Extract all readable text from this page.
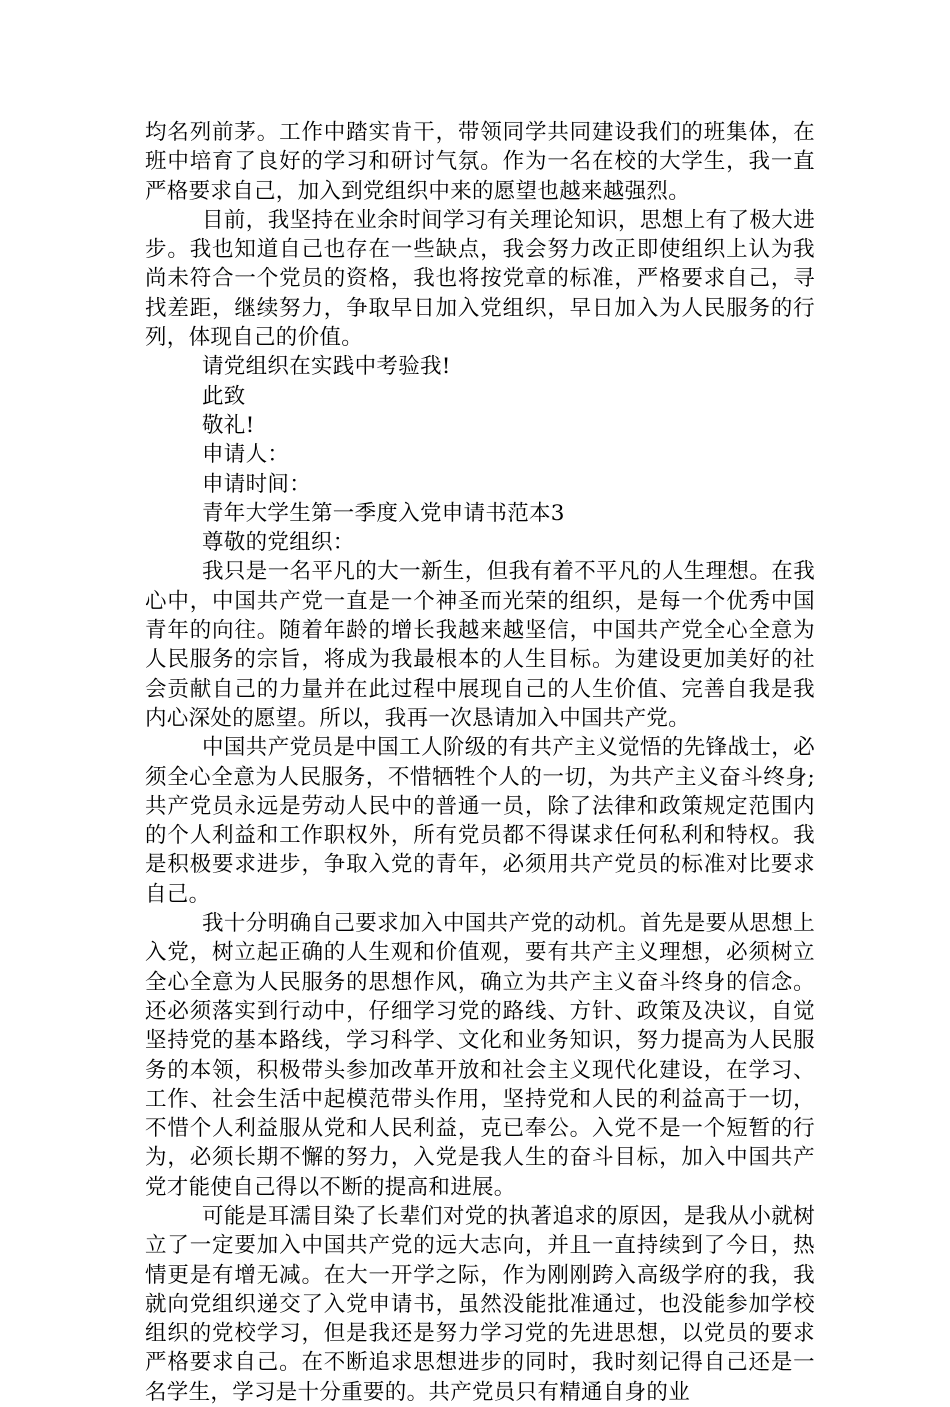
均名列前茅。工作中踏实肯干，带领同学共同建设我们的班集体，在班中培育了良好的学习和研讨气氛。作为一名在校的大学生，我一直严格要求自己，加入到党组织中来的愿望也越来越强烈。

目前，我坚持在业余时间学习有关理论知识，思想上有了极大进步。我也知道自己也存在一些缺点，我会努力改正即使组织上认为我尚未符合一个党员的资格，我也将按党章的标准，严格要求自己，寻找差距，继续努力，争取早日加入党组织，早日加入为人民服务的行列，体现自己的价值。

请党组织在实践中考验我!

此致

敬礼!

申请人：

申请时间：

青年大学生第一季度入党申请书范本3

尊敬的党组织：

我只是一名平凡的大一新生，但我有着不平凡的人生理想。在我心中，中国共产党一直是一个神圣而光荣的组织，是每一个优秀中国青年的向往。随着年龄的增长我越来越坚信，中国共产党全心全意为人民服务的宗旨，将成为我最根本的人生目标。为建设更加美好的社会贡献自己的力量并在此过程中展现自己的人生价值、完善自我是我内心深处的愿望。所以，我再一次恳请加入中国共产党。

中国共产党员是中国工人阶级的有共产主义觉悟的先锋战士，必须全心全意为人民服务，不惜牺牲个人的一切，为共产主义奋斗终身;共产党员永远是劳动人民中的普通一员，除了法律和政策规定范围内的个人利益和工作职权外，所有党员都不得谋求任何私利和特权。我是积极要求进步，争取入党的青年，必须用共产党员的标准对比要求自己。

我十分明确自己要求加入中国共产党的动机。首先是要从思想上入党，树立起正确的人生观和价值观，要有共产主义理想，必须树立全心全意为人民服务的思想作风，确立为共产主义奋斗终身的信念。还必须落实到行动中，仔细学习党的路线、方针、政策及决议，自觉坚持党的基本路线，学习科学、文化和业务知识，努力提高为人民服务的本领，积极带头参加改革开放和社会主义现代化建设，在学习、工作、社会生活中起模范带头作用，坚持党和人民的利益高于一切，不惜个人利益服从党和人民利益，克已奉公。入党不是一个短暂的行为，必须长期不懈的努力，入党是我人生的奋斗目标，加入中国共产党才能使自己得以不断的提高和进展。

可能是耳濡目染了长辈们对党的执著追求的原因，是我从小就树立了一定要加入中国共产党的远大志向，并且一直持续到了今日，热情更是有增无减。在大一开学之际，作为刚刚跨入高级学府的我，我就向党组织递交了入党申请书，虽然没能批准通过，也没能参加学校组织的党校学习，但是我还是努力学习党的先进思想，以党员的要求严格要求自己。在不断追求思想进步的同时，我时刻记得自己还是一名学生，学习是十分重要的。共产党员只有精通自身的业
